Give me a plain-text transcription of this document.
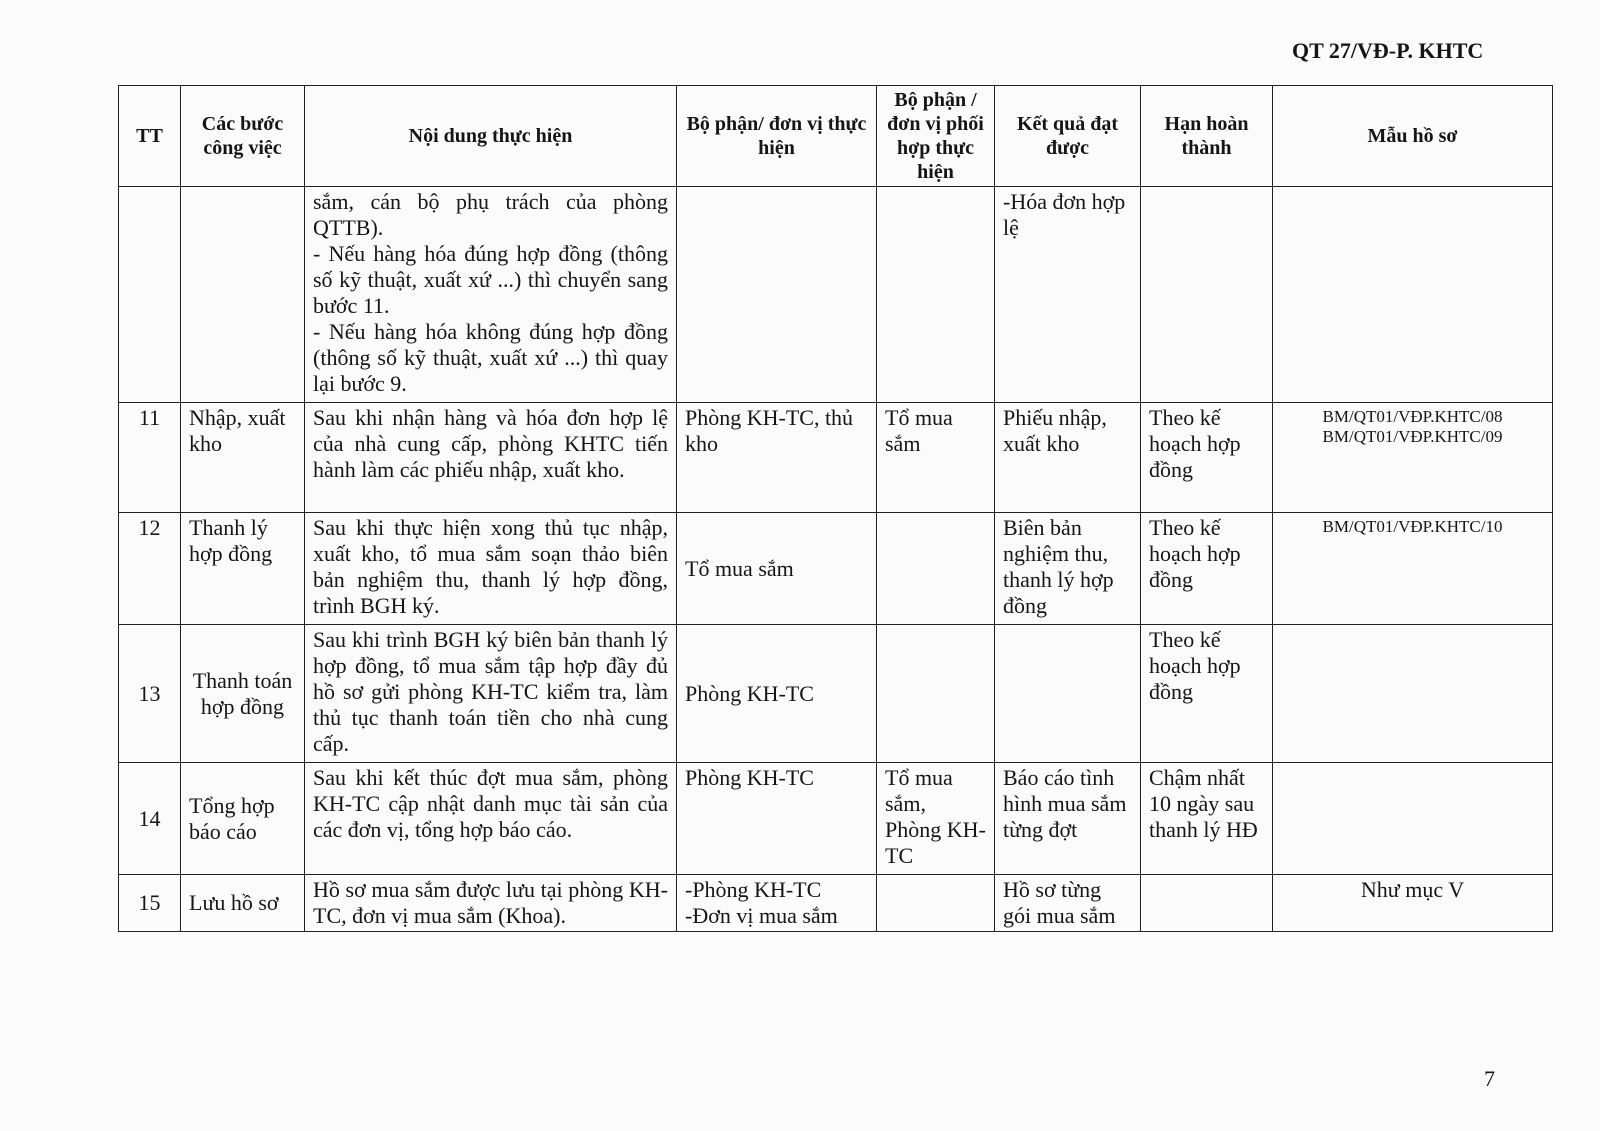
QT 27/VĐ-P. KHTC
TT	Các bước công việc	Nội dung thực hiện	Bộ phận/ đơn vị thực hiện	Bộ phận / đơn vị phối hợp thực hiện	Kết quả đạt được	Hạn hoàn thành	Mẫu hồ sơ
		sắm, cán bộ phụ trách của phòng QTTB).
- Nếu hàng hóa đúng hợp đồng (thông số kỹ thuật, xuất xứ ...) thì chuyển sang bước 11.
- Nếu hàng hóa không đúng hợp đồng (thông số kỹ thuật, xuất xứ ...) thì quay lại bước 9.			-Hóa đơn hợp lệ		
11	Nhập, xuất kho	Sau khi nhận hàng và hóa đơn hợp lệ của nhà cung cấp, phòng KHTC tiến hành làm các phiếu nhập, xuất kho.	Phòng KH-TC, thủ kho	Tổ mua sắm	Phiếu nhập, xuất kho	Theo kế hoạch hợp đồng	BM/QT01/VĐP.KHTC/08
BM/QT01/VĐP.KHTC/09
12	Thanh lý hợp đồng	Sau khi thực hiện xong thủ tục nhập, xuất kho, tổ mua sắm soạn thảo biên bản nghiệm thu, thanh lý hợp đồng, trình BGH ký.	Tổ mua sắm		Biên bản nghiệm thu, thanh lý hợp đồng	Theo kế hoạch hợp đồng	BM/QT01/VĐP.KHTC/10
13	Thanh toán hợp đồng	Sau khi trình BGH ký biên bản thanh lý hợp đồng, tổ mua sắm tập hợp đầy đủ hồ sơ gửi phòng KH-TC kiểm tra, làm thủ tục thanh toán tiền cho nhà cung cấp.	Phòng KH-TC			Theo kế hoạch hợp đồng	
14	Tổng hợp báo cáo	Sau khi kết thúc đợt mua sắm, phòng KH-TC cập nhật danh mục tài sản của các đơn vị, tổng hợp báo cáo.	Phòng KH-TC	Tổ mua sắm, Phòng KH-TC	Báo cáo tình hình mua sắm từng đợt	Chậm nhất 10 ngày sau thanh lý HĐ	
15	Lưu hồ sơ	Hồ sơ mua sắm được lưu tại phòng KH-TC, đơn vị mua sắm (Khoa).	-Phòng KH-TC
-Đơn vị mua sắm		Hồ sơ từng gói mua sắm		Như mục V
7
